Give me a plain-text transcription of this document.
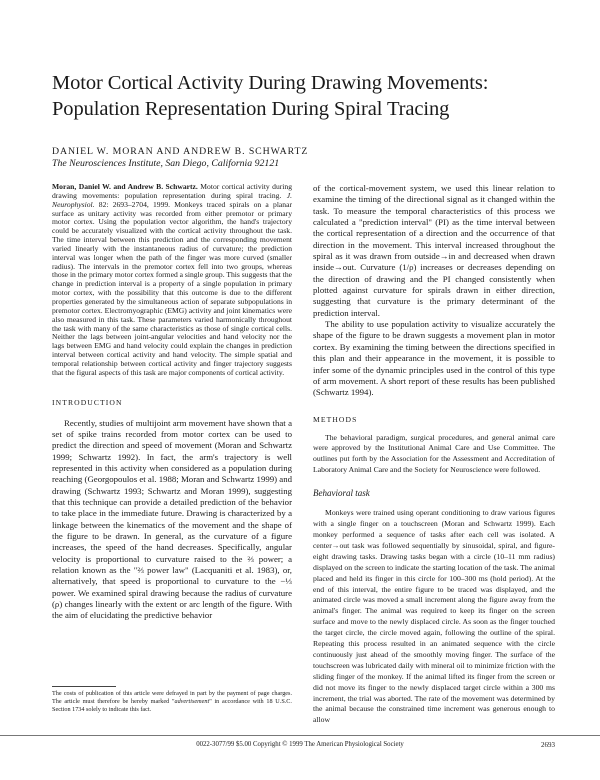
Motor Cortical Activity During Drawing Movements:
Population Representation During Spiral Tracing
DANIEL W. MORAN AND ANDREW B. SCHWARTZ
The Neurosciences Institute, San Diego, California 92121

Moran, Daniel W. and Andrew B. Schwartz. Motor cortical activity during drawing movements: population representation during spiral tracing. J. Neurophysiol. 82: 2693–2704, 1999. Monkeys traced spirals on a planar surface as unitary activity was recorded from either premotor or primary motor cortex. Using the population vector algorithm, the hand's trajectory could be accurately visualized with the cortical activity throughout the task. The time interval between this prediction and the corresponding movement varied linearly with the instantaneous radius of curvature; the prediction interval was longer when the path of the finger was more curved (smaller radius). The intervals in the premotor cortex fell into two groups, whereas those in the primary motor cortex formed a single group. This suggests that the change in prediction interval is a property of a single population in primary motor cortex, with the possibility that this outcome is due to the different properties generated by the simultaneous action of separate subpopulations in premotor cortex. Electromyographic (EMG) activity and joint kinematics were also measured in this task. These parameters varied harmonically throughout the task with many of the same characteristics as those of single cortical cells. Neither the lags between joint-angular velocities and hand velocity nor the lags between EMG and hand velocity could explain the changes in prediction interval between cortical activity and hand velocity. The simple spatial and temporal relationship between cortical activity and finger trajectory suggests that the figural aspects of this task are major components of cortical activity.

INTRODUCTION

Recently, studies of multijoint arm movement have shown that a set of spike trains recorded from motor cortex can be used to predict the direction and speed of movement (Moran and Schwartz 1999; Schwartz 1992). In fact, the arm's trajectory is well represented in this activity when considered as a population during reaching (Georgopoulos et al. 1988; Moran and Schwartz 1999) and drawing (Schwartz 1993; Schwartz and Moran 1999), suggesting that this technique can provide a detailed prediction of the behavior to take place in the immediate future. Drawing is characterized by a linkage between the kinematics of the movement and the shape of the figure to be drawn. In general, as the curvature of a figure increases, the speed of the hand decreases. Specifically, angular velocity is proportional to curvature raised to the ⅔ power; a relation known as the "⅔ power law" (Lacquaniti et al. 1983), or, alternatively, that speed is proportional to curvature to the −⅓ power. We examined spiral drawing because the radius of curvature (ρ) changes linearly with the extent or arc length of the figure. With the aim of elucidating the predictive behavior

The costs of publication of this article were defrayed in part by the payment of page charges. The article must therefore be hereby marked "advertisement" in accordance with 18 U.S.C. Section 1734 solely to indicate this fact.

of the cortical-movement system, we used this linear relation to examine the timing of the directional signal as it changed within the task. To measure the temporal characteristics of this process we calculated a "prediction interval" (PI) as the time interval between the cortical representation of a direction and the occurrence of that direction in the movement. This interval increased throughout the spiral as it was drawn from outside→in and decreased when drawn inside→out. Curvature (1/ρ) increases or decreases depending on the direction of drawing and the PI changed consistently when plotted against curvature for spirals drawn in either direction, suggesting that curvature is the primary determinant of the prediction interval.

The ability to use population activity to visualize accurately the shape of the figure to be drawn suggests a movement plan in motor cortex. By examining the timing between the directions specified in this plan and their appearance in the movement, it is possible to infer some of the dynamic principles used in the control of this type of arm movement. A short report of these results has been published (Schwartz 1994).

METHODS

The behavioral paradigm, surgical procedures, and general animal care were approved by the Institutional Animal Care and Use Committee. The outlines put forth by the Association for the Assessment and Accreditation of Laboratory Animal Care and the Society for Neuroscience were followed.

Behavioral task

Monkeys were trained using operant conditioning to draw various figures with a single finger on a touchscreen (Moran and Schwartz 1999). Each monkey performed a sequence of tasks after each cell was isolated. A center→out task was followed sequentially by sinusoidal, spiral, and figure-eight drawing tasks. Drawing tasks began with a circle (10–11 mm radius) displayed on the screen to indicate the starting location of the task. The animal placed and held its finger in this circle for 100–300 ms (hold period). At the end of this interval, the entire figure to be traced was displayed, and the animated circle was moved a small increment along the figure away from the animal's finger. The animal was required to keep its finger on the screen surface and move to the newly displaced circle. As soon as the finger touched the target circle, the circle moved again, following the outline of the spiral. Repeating this process resulted in an animated sequence with the circle continuously just ahead of the smoothly moving finger. The surface of the touchscreen was lubricated daily with mineral oil to minimize friction with the sliding finger of the monkey. If the animal lifted its finger from the screen or did not move its finger to the newly displaced target circle within a 300 ms increment, the trial was aborted. The rate of the movement was determined by the animal because the constrained time increment was generous enough to allow

0022-3077/99 $5.00 Copyright © 1999 The American Physiological Society	2693
